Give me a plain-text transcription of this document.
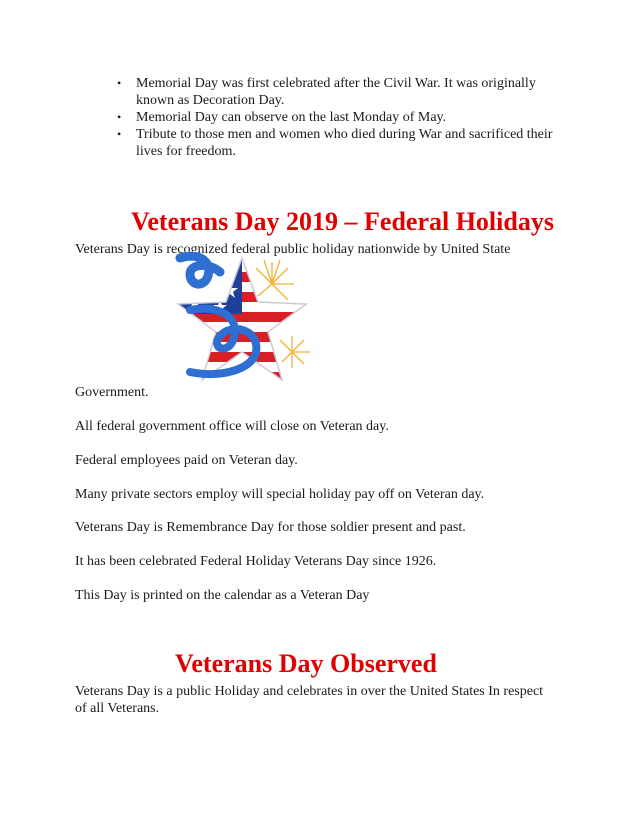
• Memorial Day was first celebrated after the Civil War. It was originally known as Decoration Day.
• Memorial Day can observe on the last Monday of May.
• Tribute to those men and women who died during War and sacrificed their lives for freedom.
Veterans Day 2019 – Federal Holidays

Veterans Day is recognized federal public holiday nationwide by United State

Government.

All federal government office will close on Veteran day.

Federal employees paid on Veteran day.

Many private sectors employ will special holiday pay off on Veteran day.

Veterans Day is Remembrance Day for those soldier present and past.

It has been celebrated Federal Holiday Veterans Day since 1926.

This Day is printed on the calendar as a Veteran Day

Veterans Day Observed

Veterans Day is a public Holiday and celebrates in over the United States In respect of all Veterans.
